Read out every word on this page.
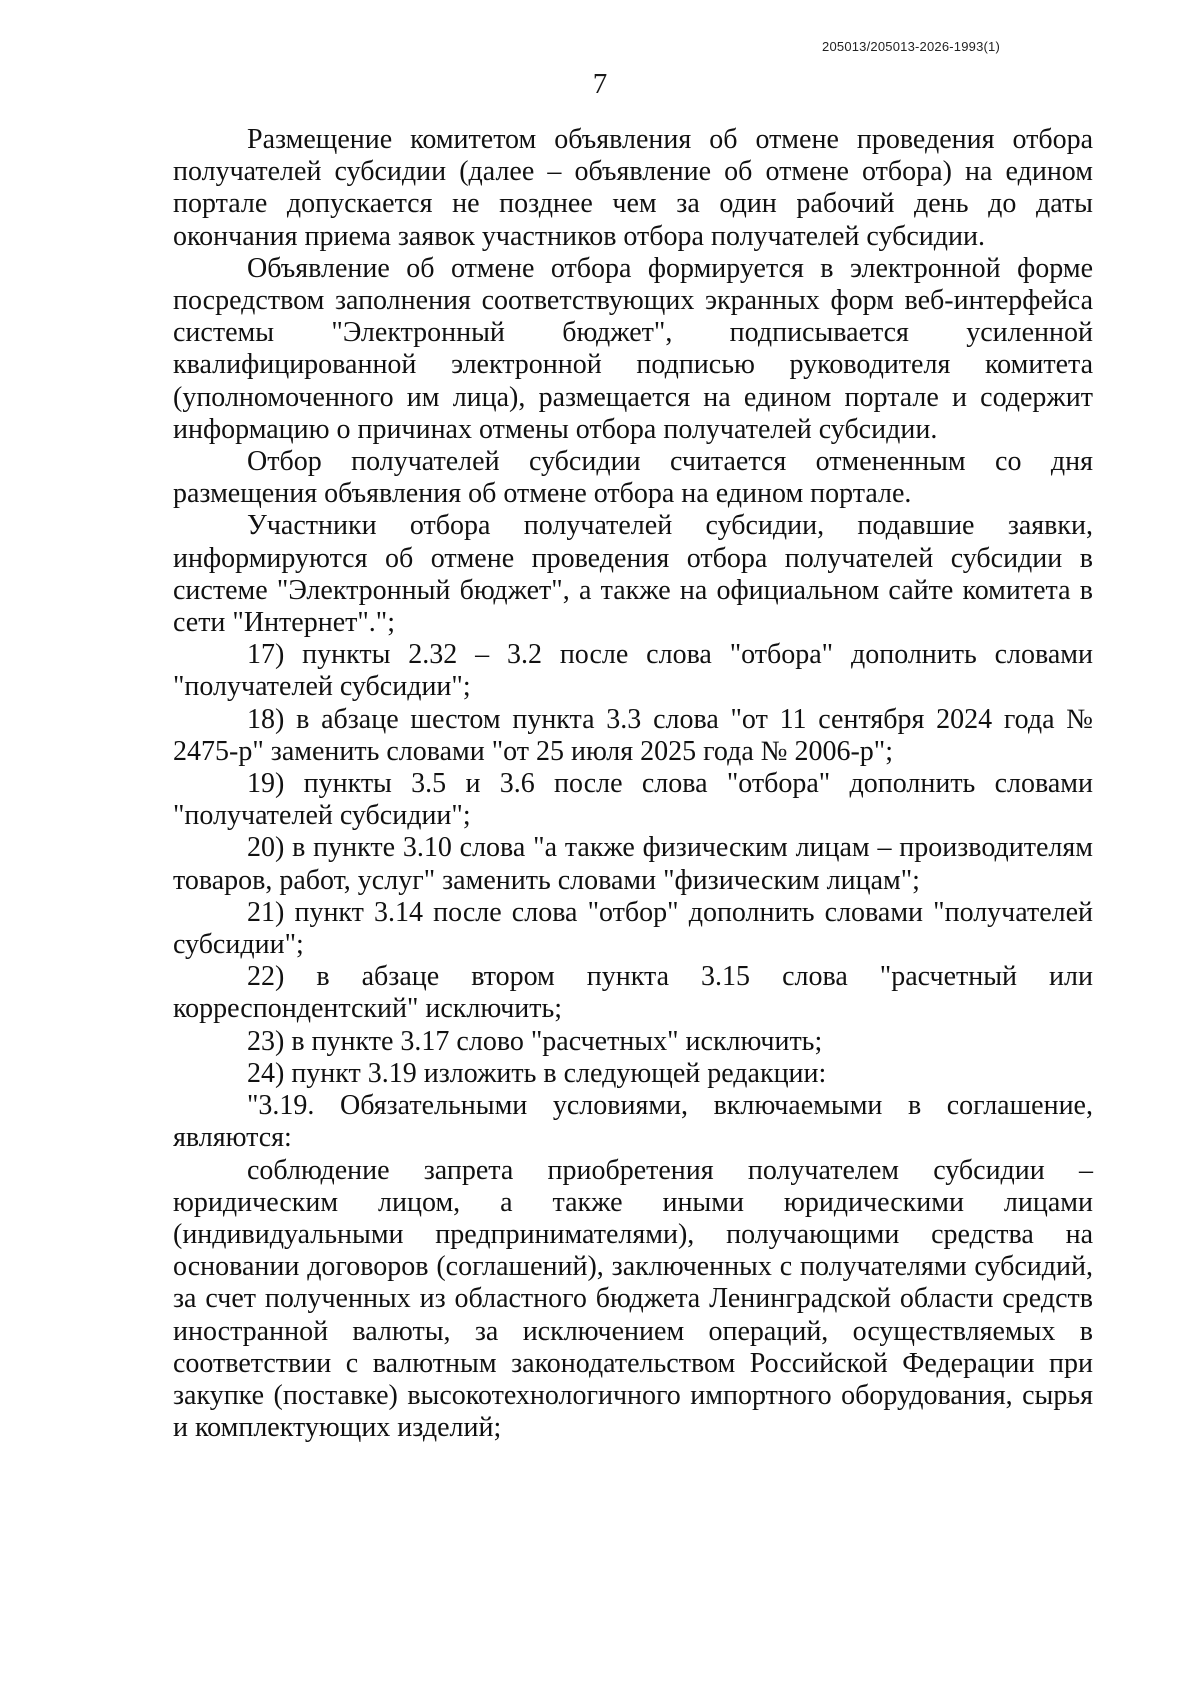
205013/205013-2026-1993(1)
7

Размещение комитетом объявления об отмене проведения отбора получателей субсидии (далее – объявление об отмене отбора) на едином портале допускается не позднее чем за один рабочий день до даты окончания приема заявок участников отбора получателей субсидии.

Объявление об отмене отбора формируется в электронной форме посредством заполнения соответствующих экранных форм веб-интерфейса системы "Электронный бюджет", подписывается усиленной квалифицированной электронной подписью руководителя комитета (уполномоченного им лица), размещается на едином портале и содержит информацию о причинах отмены отбора получателей субсидии.

Отбор получателей субсидии считается отмененным со дня размещения объявления об отмене отбора на едином портале.

Участники отбора получателей субсидии, подавшие заявки, информируются об отмене проведения отбора получателей субсидии в системе "Электронный бюджет", а также на официальном сайте комитета в сети "Интернет".";

17) пункты 2.32 – 3.2 после слова "отбора" дополнить словами "получателей субсидии";

18) в абзаце шестом пункта 3.3 слова "от 11 сентября 2024 года № 2475-р" заменить словами "от 25 июля 2025 года № 2006-р";

19) пункты 3.5 и 3.6 после слова "отбора" дополнить словами "получателей субсидии";

20) в пункте 3.10 слова "а также физическим лицам – производителям товаров, работ, услуг" заменить словами "физическим лицам";

21) пункт 3.14 после слова "отбор" дополнить словами "получателей субсидии";

22) в абзаце втором пункта 3.15 слова "расчетный или корреспондентский" исключить;

23) в пункте 3.17 слово "расчетных" исключить;

24) пункт 3.19 изложить в следующей редакции:

"3.19. Обязательными условиями, включаемыми в соглашение, являются:

соблюдение запрета приобретения получателем субсидии – юридическим лицом, а также иными юридическими лицами (индивидуальными предпринимателями), получающими средства на основании договоров (соглашений), заключенных с получателями субсидий, за счет полученных из областного бюджета Ленинградской области средств иностранной валюты, за исключением операций, осуществляемых в соответствии с валютным законодательством Российской Федерации при закупке (поставке) высокотехнологичного импортного оборудования, сырья и комплектующих изделий;
